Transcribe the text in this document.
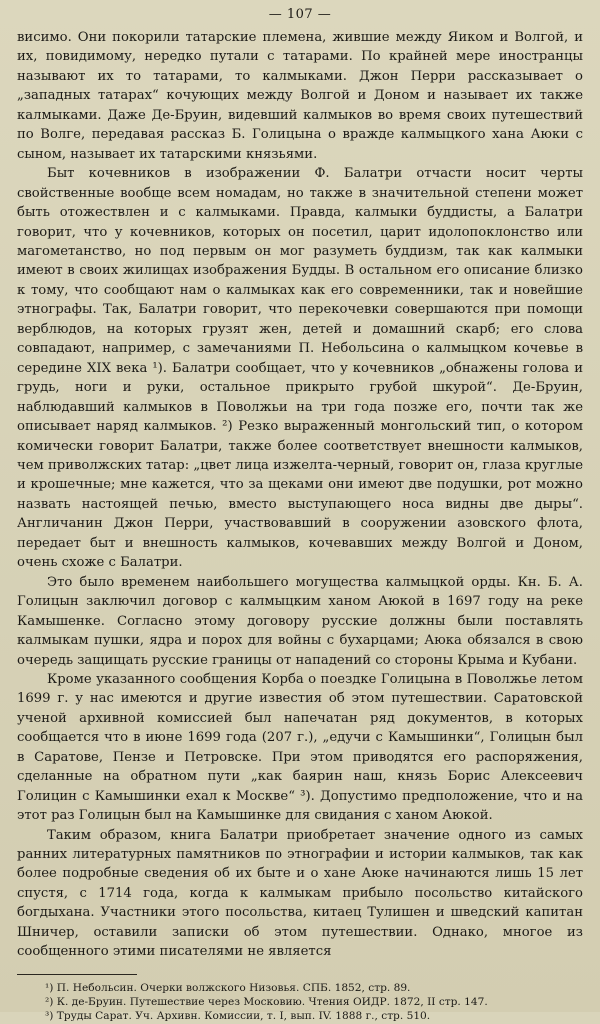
— 107 —

висимо. Они покорили татарские племена, жившие между Яиком и Волгой, и их, повидимому, нередко путали с татарами. По крайней мере иностранцы называют их то татарами, то калмыками. Джон Перри рассказывает о „западных татарах“ кочующих между Волгой и Доном и называет их также калмыками. Даже Де-Бруин, видевший калмыков во время своих путешествий по Волге, передавая рассказ Б. Голицына о вражде калмыцкого хана Аюки с сыном, называет их татарскими князьями.

Быт кочевников в изображении Ф. Балатри отчасти носит черты свойственные вообще всем номадам, но также в значительной степени может быть отожествлен и с калмыками. Правда, калмыки буддисты, а Балатри говорит, что у кочевников, которых он посетил, царит идолопоклонство или магометанство, но под первым он мог разуметь буддизм, так как калмыки имеют в своих жилищах изображения Будды. В остальном его описание близко к тому, что сообщают нам о калмыках как его современники, так и новейшие этнографы. Так, Балатри говорит, что перекочевки совершаются при помощи верблюдов, на которых грузят жен, детей и домашний скарб; его слова совпадают, например, с замечаниями П. Небольсина о калмыцком кочевье в середине XIX века ¹). Балатри сообщает, что у кочевников „обнажены голова и грудь, ноги и руки, остальное прикрыто грубой шкурой“. Де-Бруин, наблюдавший калмыков в Поволжьи на три года позже его, почти так же описывает наряд калмыков. ²) Резко выраженный монгольский тип, о котором комически говорит Балатри, также более соответствует внешности калмыков, чем приволжских татар: „цвет лица изжелта-черный, говорит он, глаза круглые и крошечные; мне кажется, что за щеками они имеют две подушки, рот можно назвать настоящей печью, вместо выступающего носа видны две дыры“. Англичанин Джон Перри, участвовавший в сооружении азовского флота, передает быт и внешность калмыков, кочевавших между Волгой и Доном, очень схоже с Балатри.

Это было временем наибольшего могущества калмыцкой орды. Кн. Б. А. Голицын заключил договор с калмыцким ханом Аюкой в 1697 году на реке Камышенке. Согласно этому договору русские должны были поставлять калмыкам пушки, ядра и порох для войны с бухарцами; Аюка обязался в свою очередь защищать русские границы от нападений со стороны Крыма и Кубани.

Кроме указанного сообщения Корба о поездке Голицына в Поволжье летом 1699 г. у нас имеются и другие известия об этом путешествии. Саратовской ученой архивной комиссией был напечатан ряд документов, в которых сообщается что в июне 1699 года (207 г.), „едучи с Камышинки“, Голицын был в Саратове, Пензе и Петровске. При этом приводятся его распоряжения, сделанные на обратном пути „как баярин наш, князь Борис Алексеевич Голицин с Камышинки ехал к Москве“ ³). Допустимо предположение, что и на этот раз Голицын был на Камышинке для свидания с ханом Аюкой.

Таким образом, книга Балатри приобретает значение одного из самых ранних литературных памятников по этнографии и истории калмыков, так как более подробные сведения об их быте и о хане Аюке начинаются лишь 15 лет спустя, с 1714 года, когда к калмыкам прибыло посольство китайского богдыхана. Участники этого посольства, китаец Тулишен и шведский капитан Шничер, оставили записки об этом путешествии. Однако, многое из сообщенного этими писателями не является

¹) П. Небольсин. Очерки волжского Низовья. СПБ. 1852, стр. 89.

²) К. де-Бруин. Путешествие через Московию. Чтения ОИДР. 1872, II стр. 147.

³) Труды Сарат. Уч. Архивн. Комиссии, т. I, вып. IV. 1888 г., стр. 510.
